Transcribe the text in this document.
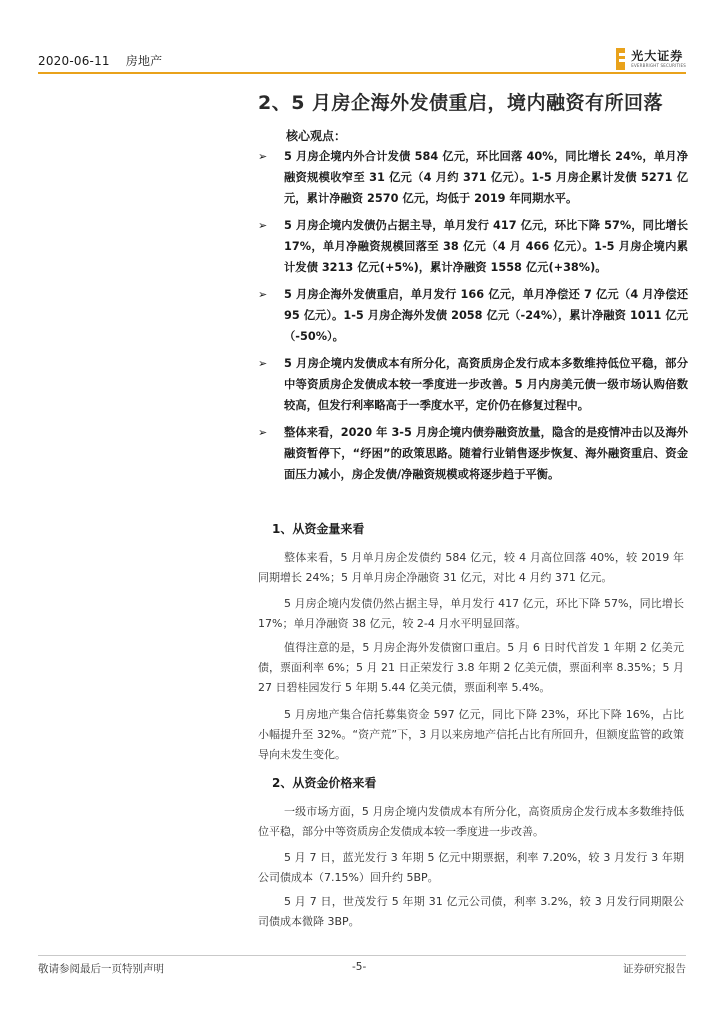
2020-06-11 房地产	光大证券
EVERBRIGHT SECURITIES
2、5 月房企海外发债重启，境内融资有所回落
核心观点：
➢ 5 月房企境内外合计发债 584 亿元，环比回落 40%，同比增长 24%，单月净融资规模收窄至 31 亿元（4 月约 371 亿元）。1-5 月房企累计发债 5271 亿元，累计净融资 2570 亿元，均低于 2019 年同期水平。
➢ 5 月房企境内发债仍占据主导，单月发行 417 亿元，环比下降 57%，同比增长 17%，单月净融资规模回落至 38 亿元（4 月 466 亿元）。1-5 月房企境内累计发债 3213 亿元(+5%)，累计净融资 1558 亿元(+38%)。
➢ 5 月房企海外发债重启，单月发行 166 亿元，单月净偿还 7 亿元（4 月净偿还 95 亿元）。1-5 月房企海外发债 2058 亿元（-24%），累计净融资 1011 亿元（-50%）。
➢ 5 月房企境内发债成本有所分化，高资质房企发行成本多数维持低位平稳，部分中等资质房企发债成本较一季度进一步改善。5 月内房美元债一级市场认购倍数较高，但发行利率略高于一季度水平，定价仍在修复过程中。
➢ 整体来看，2020 年 3-5 月房企境内债券融资放量，隐含的是疫情冲击以及海外融资暂停下，“纾困”的政策思路。随着行业销售逐步恢复、海外融资重启、资金面压力减小，房企发债/净融资规模或将逐步趋于平衡。
1、从资金量来看
整体来看，5 月单月房企发债约 584 亿元，较 4 月高位回落 40%，较 2019 年同期增长 24%；5 月单月房企净融资 31 亿元，对比 4 月约 371 亿元。
5 月房企境内发债仍然占据主导，单月发行 417 亿元，环比下降 57%，同比增长 17%；单月净融资 38 亿元，较 2-4 月水平明显回落。
值得注意的是，5 月房企海外发债窗口重启。5 月 6 日时代首发 1 年期 2 亿美元债，票面利率 6%；5 月 21 日正荣发行 3.8 年期 2 亿美元债，票面利率 8.35%；5 月 27 日碧桂园发行 5 年期 5.44 亿美元债，票面利率 5.4%。
5 月房地产集合信托募集资金 597 亿元，同比下降 23%，环比下降 16%，占比小幅提升至 32%。“资产荒”下，3 月以来房地产信托占比有所回升，但额度监管的政策导向未发生变化。
2、从资金价格来看
一级市场方面，5 月房企境内发债成本有所分化，高资质房企发行成本多数维持低位平稳，部分中等资质房企发债成本较一季度进一步改善。
5 月 7 日，蓝光发行 3 年期 5 亿元中期票据，利率 7.20%，较 3 月发行 3 年期公司债成本（7.15%）回升约 5BP。
5 月 7 日，世茂发行 5 年期 31 亿元公司债，利率 3.2%，较 3 月发行同期限公司债成本微降 3BP。
敬请参阅最后一页特别声明	-5-	证券研究报告
